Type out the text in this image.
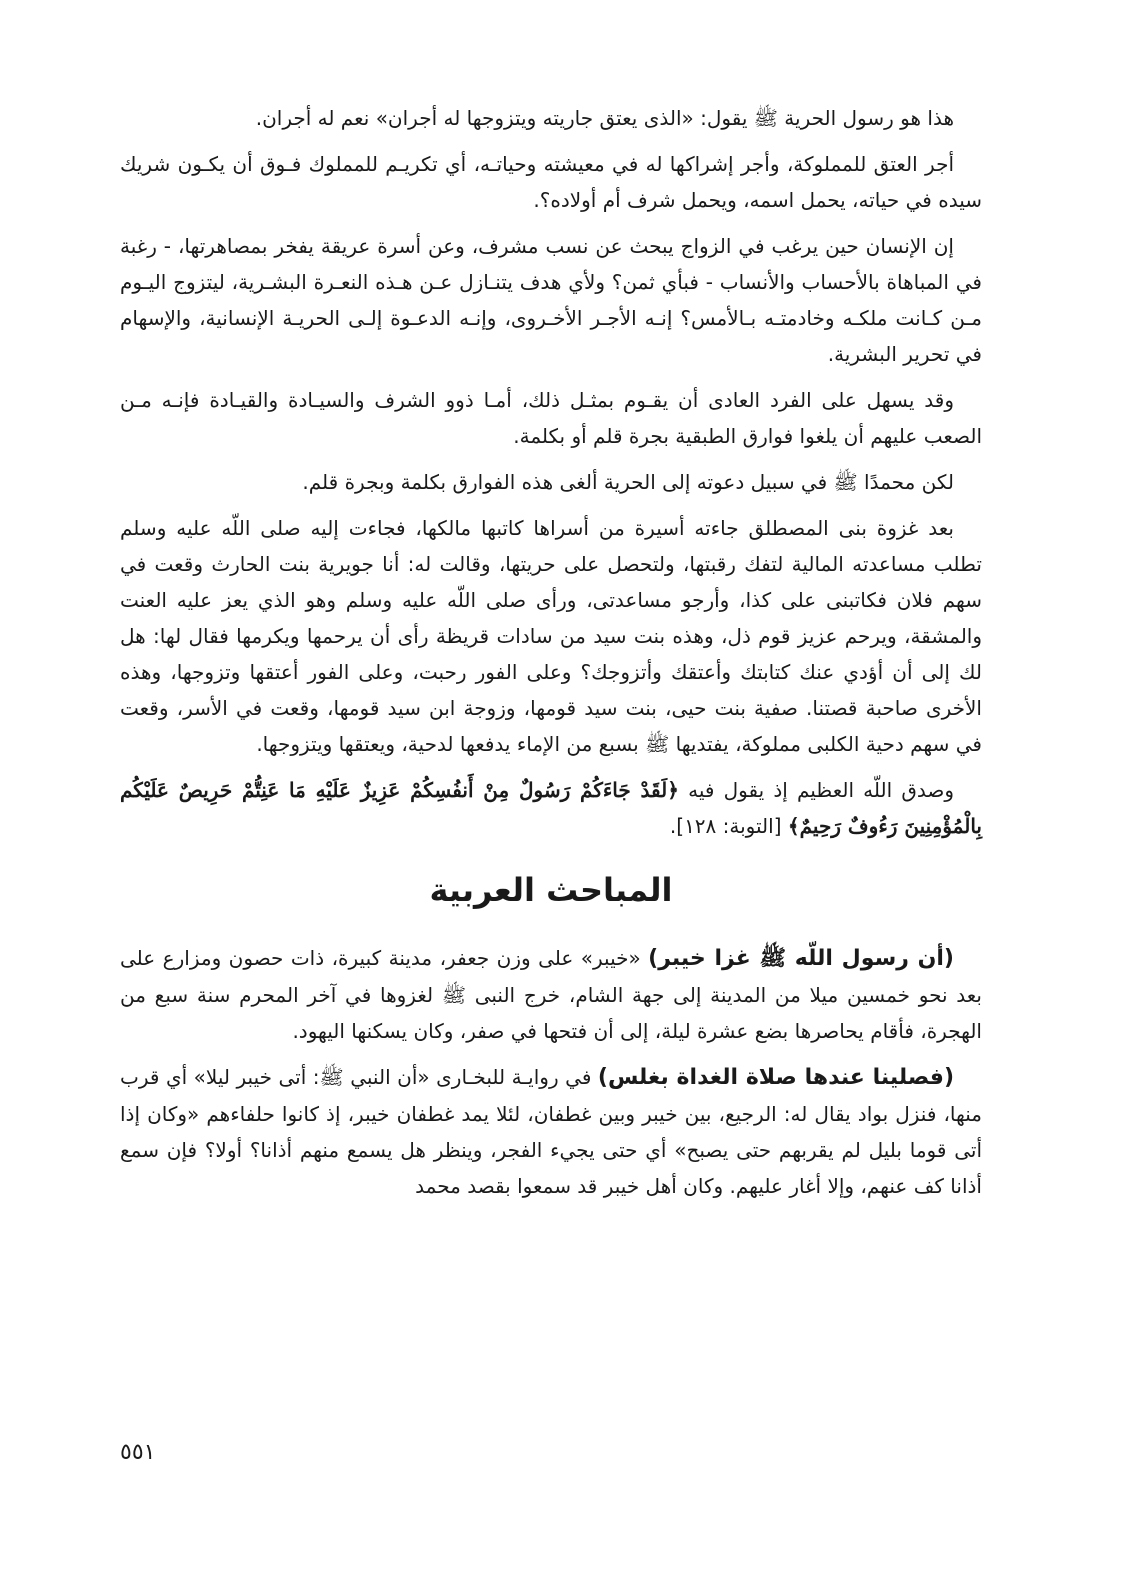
هذا هو رسول الحرية ﷺ يقول: «الذى يعتق جاريته ويتزوجها له أجران» نعم له أجران.

أجر العتق للمملوكة، وأجر إشراكها له في معيشته وحياتـه، أي تكريـم للمملوك فـوق أن يكـون شريك سيده في حياته، يحمل اسمه، ويحمل شرف أم أولاده؟.

إن الإنسان حين يرغب في الزواج يبحث عن نسب مشرف، وعن أسرة عريقة يفخر بمصاهرتها، - رغبة في المباهاة بالأحساب والأنساب - فبأي ثمن؟ ولأي هدف يتنـازل عـن هـذه النعـرة البشـرية، ليتزوج اليـوم مـن كـانت ملكـه وخادمتـه بـالأمس؟ إنـه الأجـر الأخـروى، وإنـه الدعـوة إلـى الحريـة الإنسانية، والإسهام في تحرير البشرية.

وقد يسهل على الفرد العادى أن يقـوم بمثـل ذلك، أمـا ذوو الشرف والسيـادة والقيـادة فإنـه مـن الصعب عليهم أن يلغوا فوارق الطبقية بجرة قلم أو بكلمة.

لكن محمدًا ﷺ في سبيل دعوته إلى الحرية ألغى هذه الفوارق بكلمة وبجرة قلم.

بعد غزوة بنى المصطلق جاءته أسيرة من أسراها كاتبها مالكها، فجاءت إليه صلى اللّه عليه وسلم تطلب مساعدته المالية لتفك رقبتها، ولتحصل على حريتها، وقالت له: أنا جويرية بنت الحارث وقعت في سهم فلان فكاتبنى على كذا، وأرجو مساعدتى، ورأى صلى اللّه عليه وسلم وهو الذي يعز عليه العنت والمشقة، ويرحم عزيز قوم ذل، وهذه بنت سيد من سادات قريظة رأى أن يرحمها ويكرمها فقال لها: هل لك إلى أن أؤدي عنك كتابتك وأعتقك وأتزوجك؟ وعلى الفور رحبت، وعلى الفور أعتقها وتزوجها، وهذه الأخرى صاحبة قصتنا. صفية بنت حيى، بنت سيد قومها، وزوجة ابن سيد قومها، وقعت في الأسر، وقعت في سهم دحية الكلبى مملوكة، يفتديها ﷺ بسبع من الإماء يدفعها لدحية، ويعتقها ويتزوجها.

وصدق اللّه العظيم إذ يقول فيه ﴿لَقَدْ جَاءَكُمْ رَسُولٌ مِنْ أَنفُسِكُمْ عَزِيزٌ عَلَيْهِ مَا عَنِتُّمْ حَرِيصٌ عَلَيْكُم بِالْمُؤْمِنِينَ رَءُوفٌ رَحِيمٌ﴾ [التوبة: ١٢٨].

المباحث العربية

(أن رسول اللّه ﷺ غزا خيبر) «خيبر» على وزن جعفر، مدينة كبيرة، ذات حصون ومزارع على بعد نحو خمسين ميلا من المدينة إلى جهة الشام، خرج النبى ﷺ لغزوها في آخر المحرم سنة سبع من الهجرة، فأقام يحاصرها بضع عشرة ليلة، إلى أن فتحها في صفر، وكان يسكنها اليهود.

(فصلينا عندها صلاة الغداة بغلس) في روايـة للبخـارى «أن النبي ﷺ: أتى خيبر ليلا» أي قرب منها، فنزل بواد يقال له: الرجيع، بين خيبر وبين غطفان، لئلا يمد غطفان خيبر، إذ كانوا حلفاءهم «وكان إذا أتى قوما بليل لم يقربهم حتى يصبح» أي حتى يجيء الفجر، وينظر هل يسمع منهم أذانا؟ أولا؟ فإن سمع أذانا كف عنهم، وإلا أغار عليهم. وكان أهل خيبر قد سمعوا بقصد محمد

٥٥١
